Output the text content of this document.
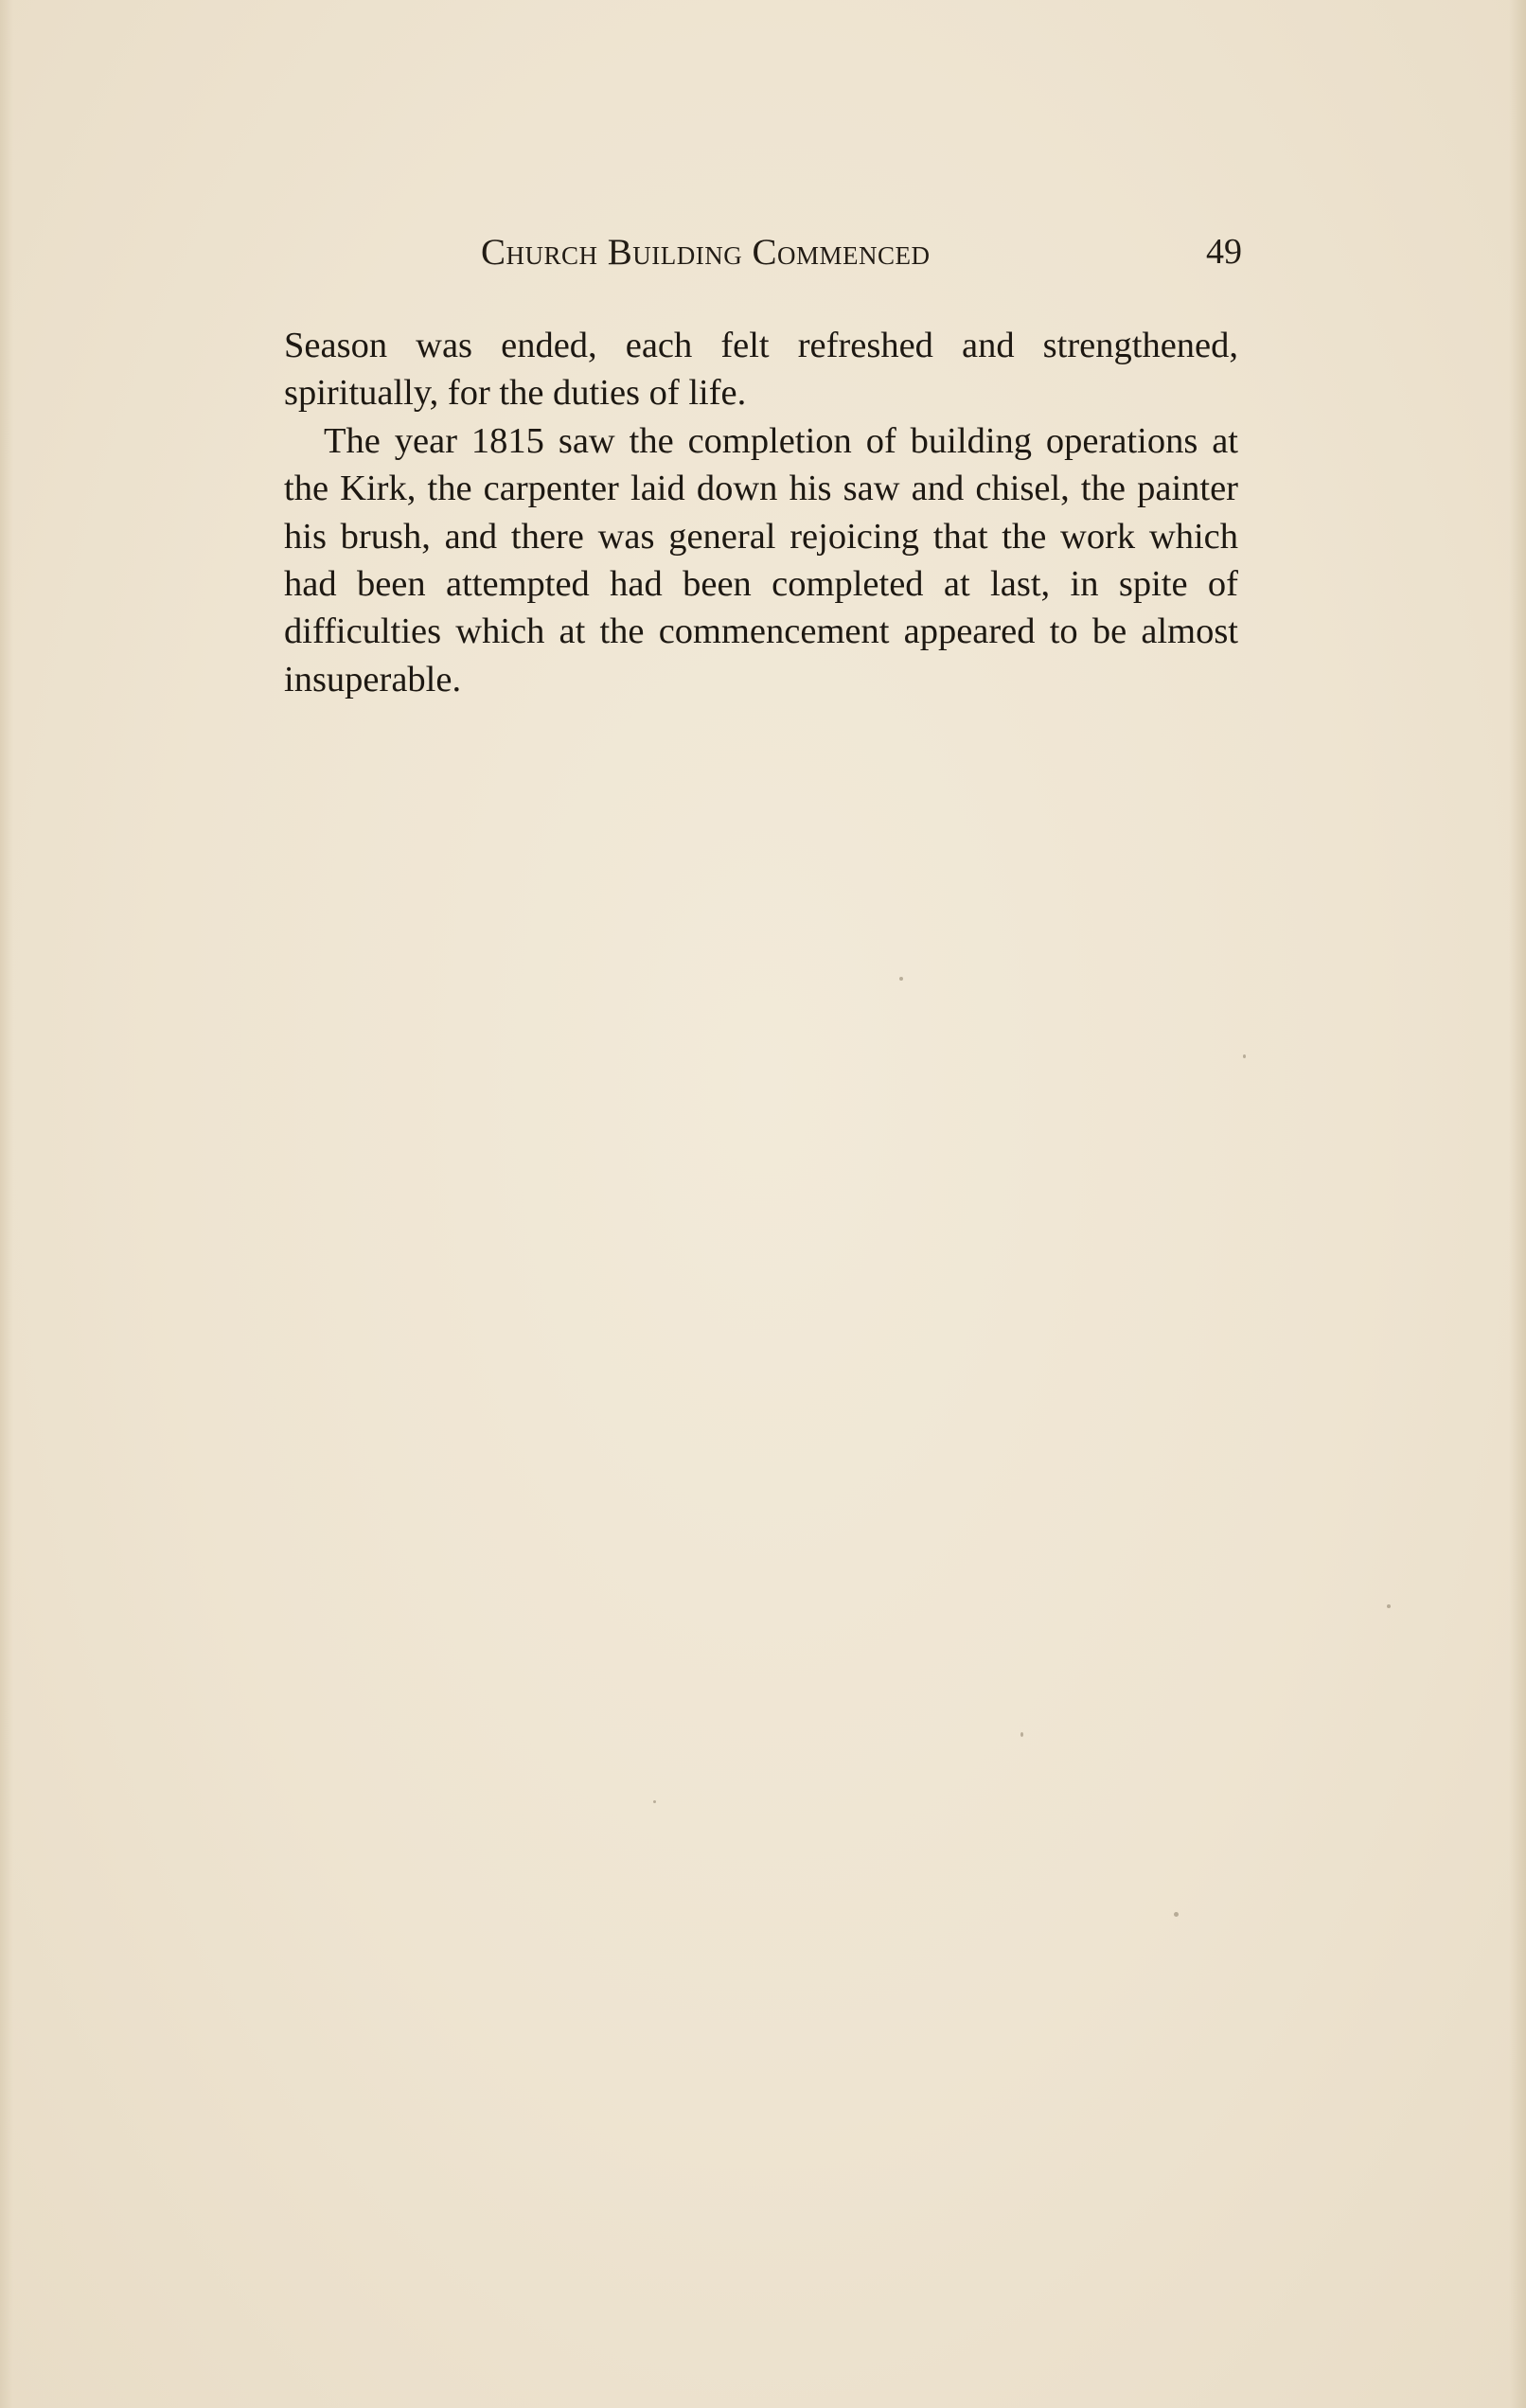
Church Building Commenced	49

Season was ended, each felt refreshed and strengthened, spiritually, for the duties of life.

The year 1815 saw the completion of building operations at the Kirk, the carpenter laid down his saw and chisel, the painter his brush, and there was general rejoicing that the work which had been attempted had been completed at last, in spite of difficulties which at the commencement appeared to be almost insuperable.
